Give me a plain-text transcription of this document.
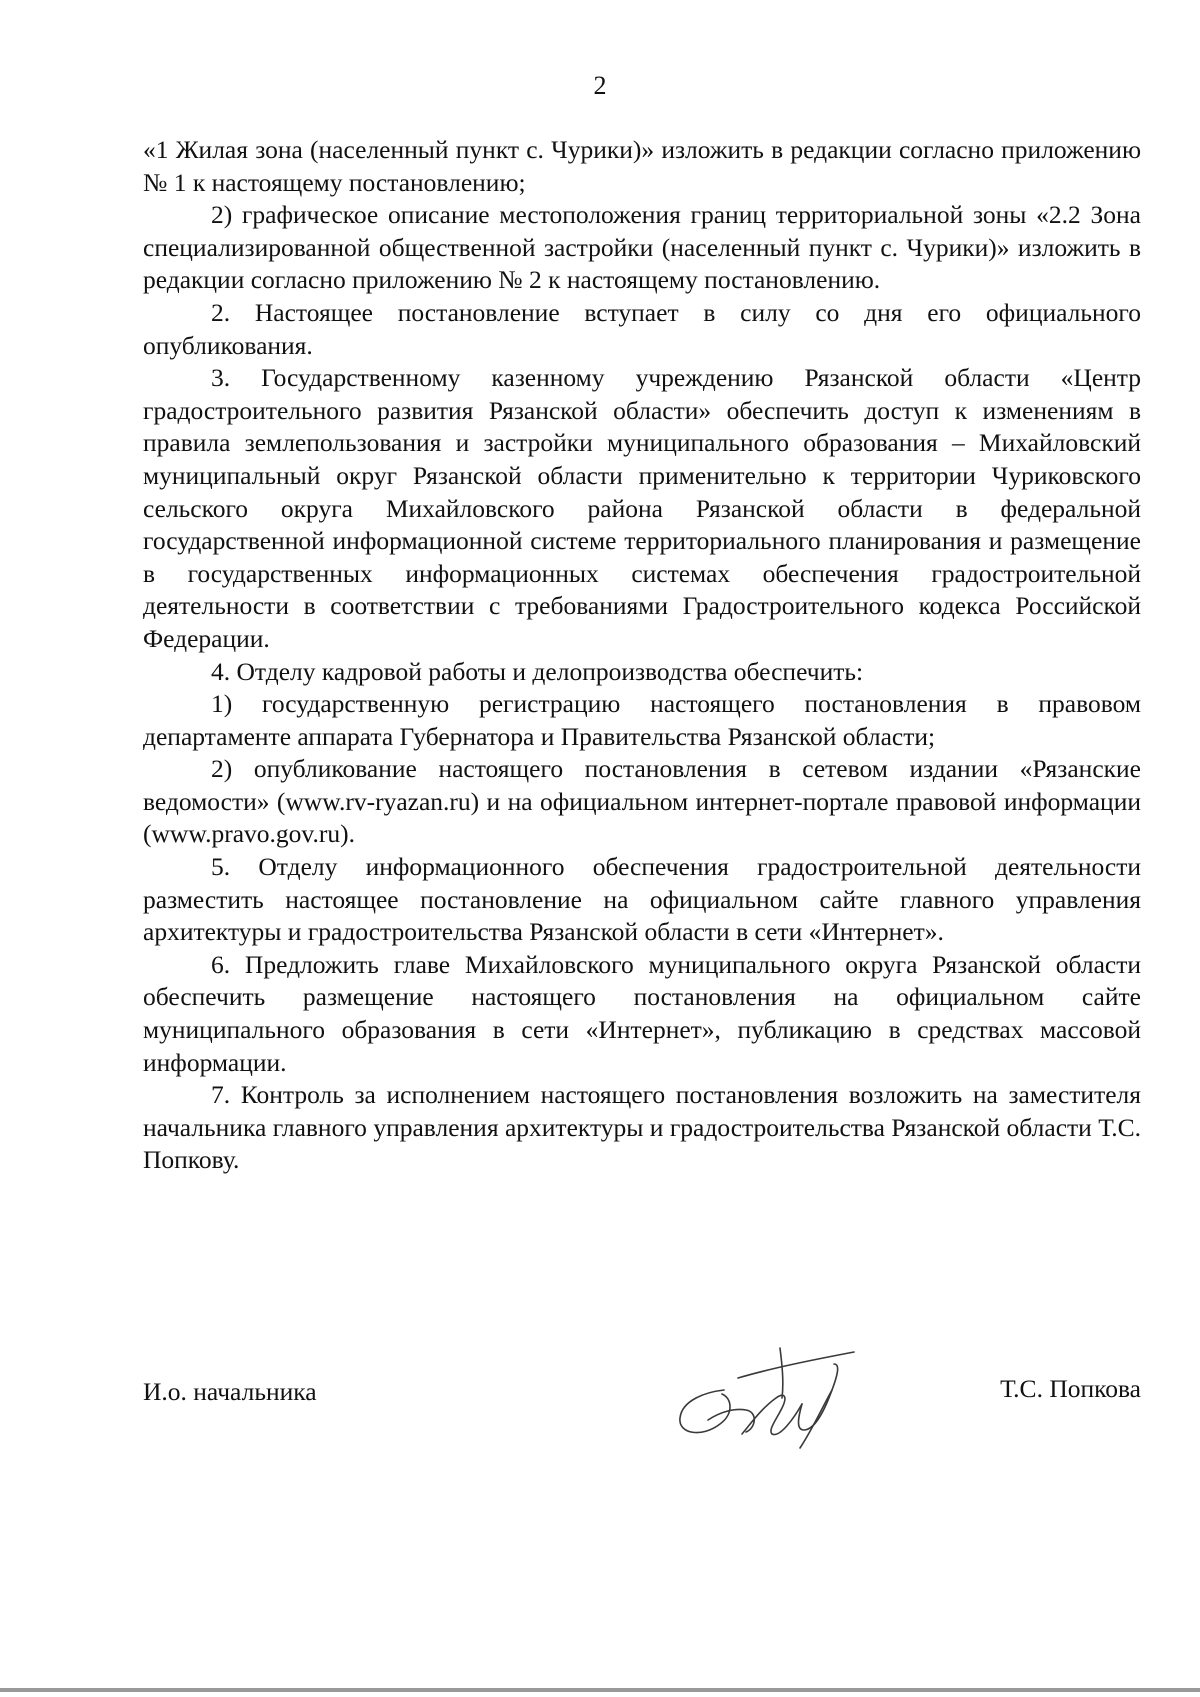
2

«1 Жилая зона (населенный пункт с. Чурики)» изложить в редакции согласно приложению № 1 к настоящему постановлению;

2) графическое описание местоположения границ территориальной зоны «2.2 Зона специализированной общественной застройки (населенный пункт с. Чурики)» изложить в редакции согласно приложению № 2 к настоящему постановлению.

2. Настоящее постановление вступает в силу со дня его официального опубликования.

3. Государственному казенному учреждению Рязанской области «Центр градостроительного развития Рязанской области» обеспечить доступ к изменениям в правила землепользования и застройки муниципального образования – Михайловский муниципальный округ Рязанской области применительно к территории Чуриковского сельского округа Михайловского района Рязанской области в федеральной государственной информационной системе территориального планирования и размещение в государственных информационных системах обеспечения градостроительной деятельности в соответствии с требованиями Градостроительного кодекса Российской Федерации.

4. Отделу кадровой работы и делопроизводства обеспечить:

1) государственную регистрацию настоящего постановления в правовом департаменте аппарата Губернатора и Правительства Рязанской области;

2) опубликование настоящего постановления в сетевом издании «Рязанские ведомости» (www.rv-ryazan.ru) и на официальном интернет-портале правовой информации (www.pravo.gov.ru).

5. Отделу информационного обеспечения градостроительной деятельности разместить настоящее постановление на официальном сайте главного управления архитектуры и градостроительства Рязанской области в сети «Интернет».

6. Предложить главе Михайловского муниципального округа Рязанской области обеспечить размещение настоящего постановления на официальном сайте муниципального образования в сети «Интернет», публикацию в средствах массовой информации.

7. Контроль за исполнением настоящего постановления возложить на заместителя начальника главного управления архитектуры и градостроительства Рязанской области Т.С. Попкову.

И.о. начальника	Т.С. Попкова
